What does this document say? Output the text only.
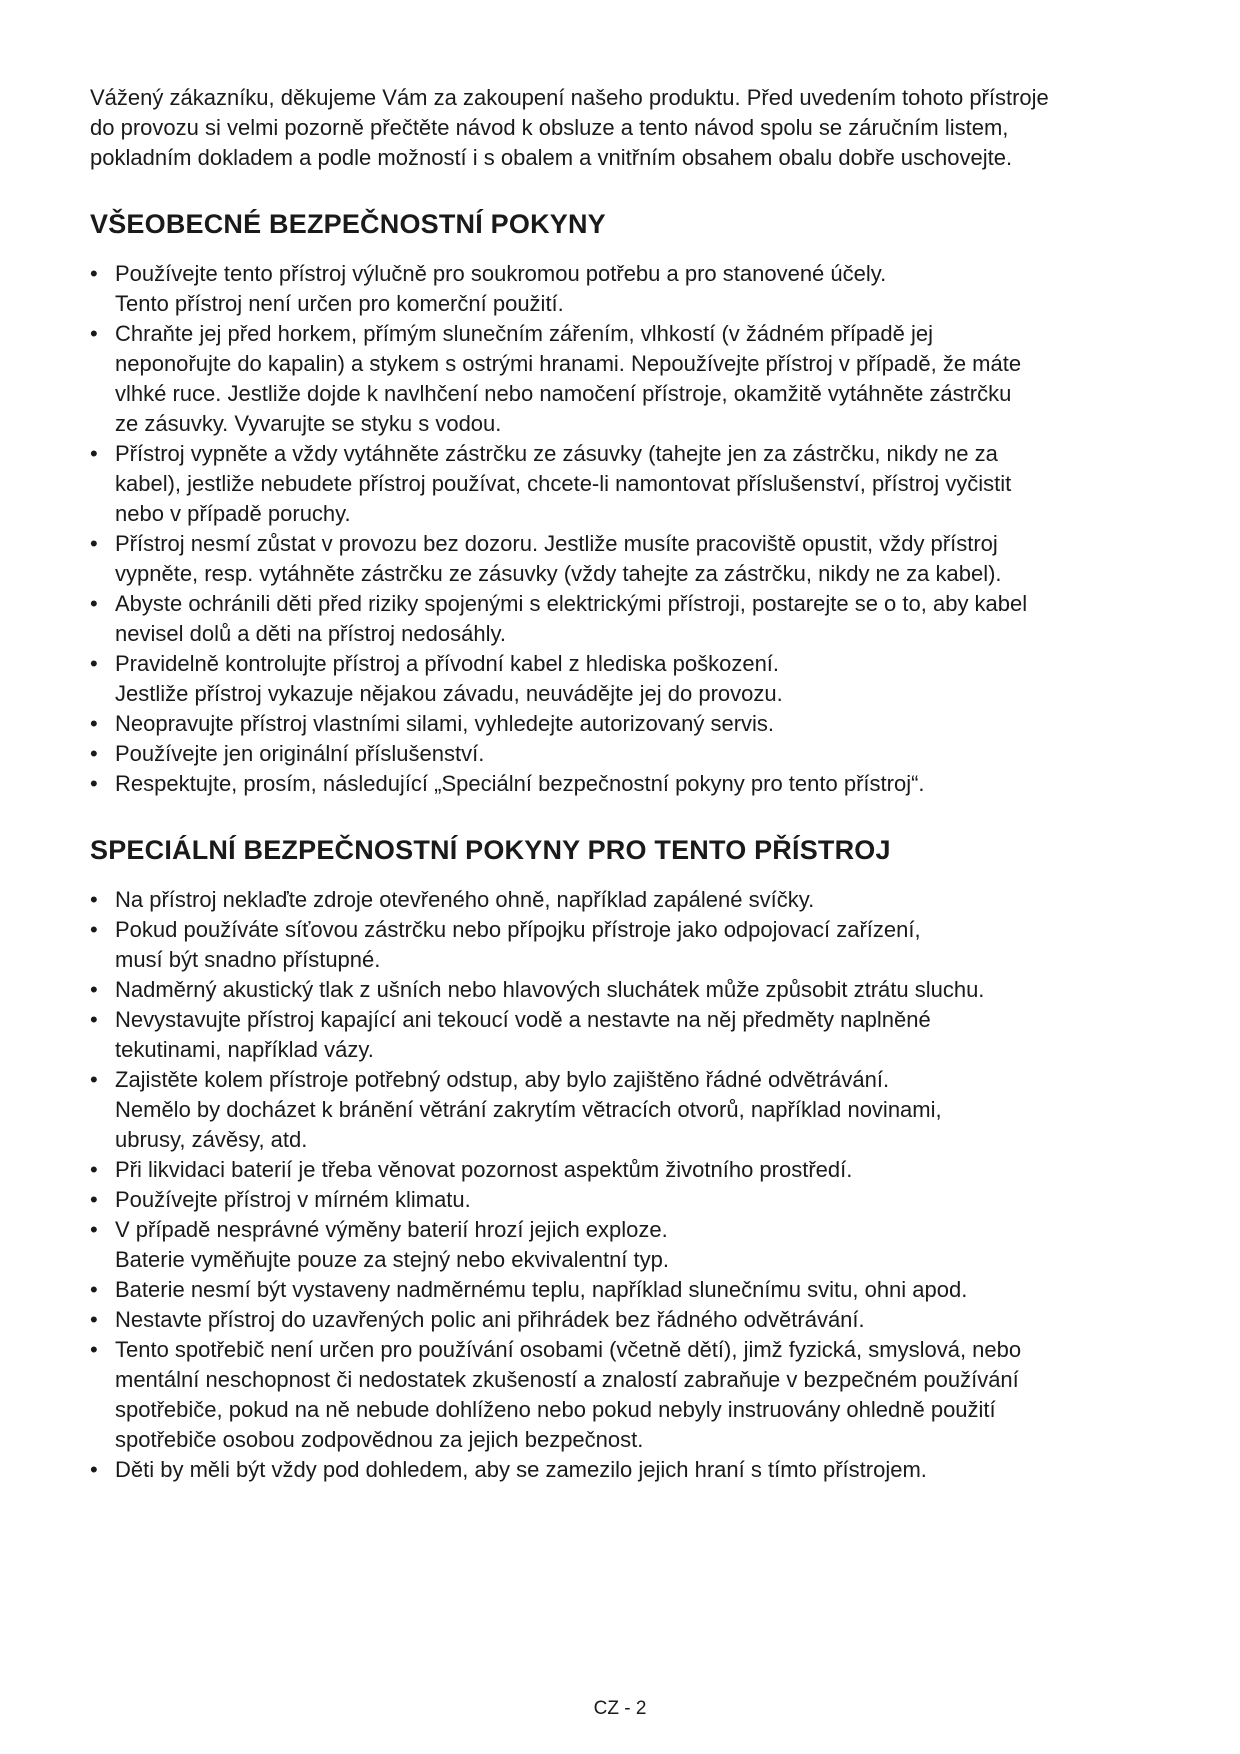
Vážený zákazníku, děkujeme Vám za zakoupení našeho produktu. Před uvedením tohoto přístroje
do provozu si velmi pozorně přečtěte návod k obsluze a tento návod spolu se záručním listem,
pokladním dokladem a podle možností i s obalem a vnitřním obsahem obalu dobře uschovejte.

VŠEOBECNÉ BEZPEČNOSTNÍ POKYNY
• Používejte tento přístroj výlučně pro soukromou potřebu a pro stanovené účely.
Tento přístroj není určen pro komerční použití.
• Chraňte jej před horkem, přímým slunečním zářením, vlhkostí (v žádném případě jej
neponořujte do kapalin) a stykem s ostrými hranami. Nepoužívejte přístroj v případě, že máte
vlhké ruce. Jestliže dojde k navlhčení nebo namočení přístroje, okamžitě vytáhněte zástrčku
ze zásuvky. Vyvarujte se styku s vodou.
• Přístroj vypněte a vždy vytáhněte zástrčku ze zásuvky (tahejte jen za zástrčku, nikdy ne za
kabel), jestliže nebudete přístroj používat, chcete-li namontovat příslušenství, přístroj vyčistit
nebo v případě poruchy.
• Přístroj nesmí zůstat v provozu bez dozoru. Jestliže musíte pracoviště opustit, vždy přístroj
vypněte, resp. vytáhněte zástrčku ze zásuvky (vždy tahejte za zástrčku, nikdy ne za kabel).
• Abyste ochránili děti před riziky spojenými s elektrickými přístroji, postarejte se o to, aby kabel
nevisel dolů a děti na přístroj nedosáhly.
• Pravidelně kontrolujte přístroj a přívodní kabel z hlediska poškození.
Jestliže přístroj vykazuje nějakou závadu, neuvádějte jej do provozu.
• Neopravujte přístroj vlastními silami, vyhledejte autorizovaný servis.
• Používejte jen originální příslušenství.
• Respektujte, prosím, následující „Speciální bezpečnostní pokyny pro tento přístroj“.
SPECIÁLNÍ BEZPEČNOSTNÍ POKYNY PRO TENTO PŘÍSTROJ
• Na přístroj neklaďte zdroje otevřeného ohně, například zapálené svíčky.
• Pokud používáte síťovou zástrčku nebo přípojku přístroje jako odpojovací zařízení,
musí být snadno přístupné.
• Nadměrný akustický tlak z ušních nebo hlavových sluchátek může způsobit ztrátu sluchu.
• Nevystavujte přístroj kapající ani tekoucí vodě a nestavte na něj předměty naplněné
tekutinami, například vázy.
• Zajistěte kolem přístroje potřebný odstup, aby bylo zajištěno řádné odvětrávání.
Nemělo by docházet k bránění větrání zakrytím větracích otvorů, například novinami,
ubrusy, závěsy, atd.
• Při likvidaci baterií je třeba věnovat pozornost aspektům životního prostředí.
• Používejte přístroj v mírném klimatu.
• V případě nesprávné výměny baterií hrozí jejich exploze.
Baterie vyměňujte pouze za stejný nebo ekvivalentní typ.
• Baterie nesmí být vystaveny nadměrnému teplu, například slunečnímu svitu, ohni apod.
• Nestavte přístroj do uzavřených polic ani přihrádek bez řádného odvětrávání.
• Tento spotřebič není určen pro používání osobami (včetně dětí), jimž fyzická, smyslová, nebo
mentální neschopnost či nedostatek zkušeností a znalostí zabraňuje v bezpečném používání
spotřebiče, pokud na ně nebude dohlíženo nebo pokud nebyly instruovány ohledně použití
spotřebiče osobou zodpovědnou za jejich bezpečnost.
• Děti by měli být vždy pod dohledem, aby se zamezilo jejich hraní s tímto přístrojem.
CZ - 2
